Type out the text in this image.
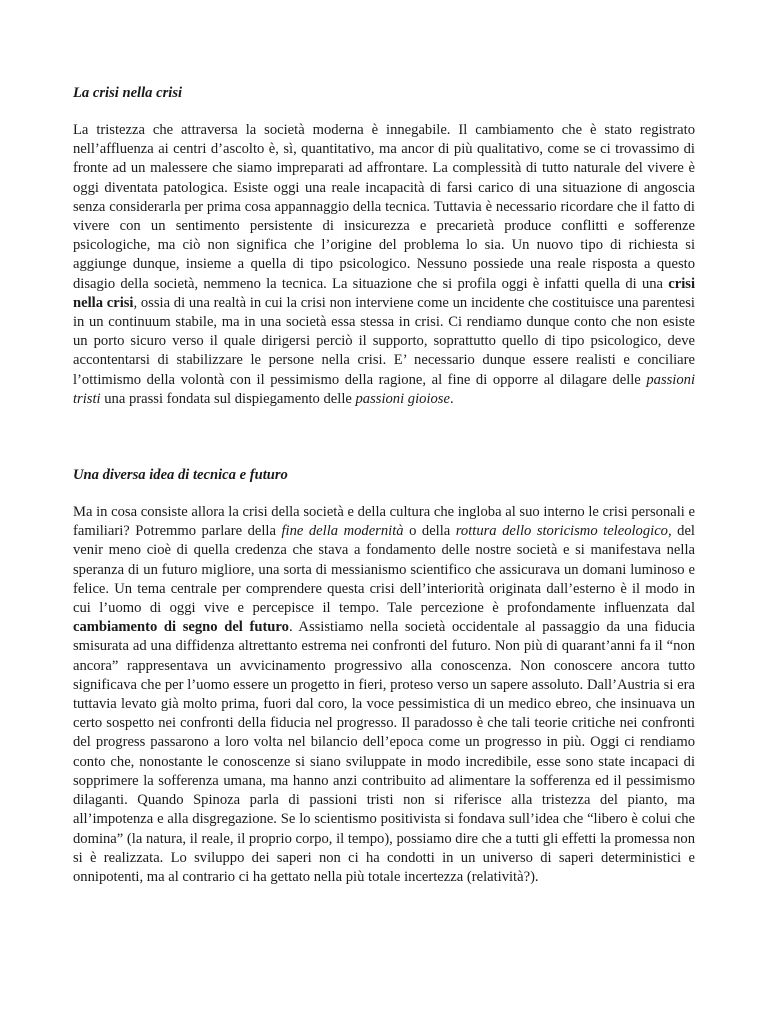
La crisi nella crisi

La tristezza che attraversa la società moderna è innegabile. Il cambiamento che è stato registrato nell’affluenza ai centri d’ascolto è, sì, quantitativo, ma ancor di più qualitativo, come se ci trovassimo di fronte ad un malessere che siamo impreparati ad affrontare. La complessità di tutto naturale del vivere è oggi diventata patologica. Esiste oggi una reale incapacità di farsi carico di una situazione di angoscia senza considerarla per prima cosa appannaggio della tecnica. Tuttavia è necessario ricordare che il fatto di vivere con un sentimento persistente di insicurezza e precarietà produce conflitti e sofferenze psicologiche, ma ciò non significa che l’origine del problema lo sia. Un nuovo tipo di richiesta si aggiunge dunque, insieme a quella di tipo psicologico. Nessuno possiede una reale risposta a questo disagio della società, nemmeno la tecnica. La situazione che si profila oggi è infatti quella di una crisi nella crisi, ossia di una realtà in cui la crisi non interviene come un incidente che costituisce una parentesi in un continuum stabile, ma in una società essa stessa in crisi. Ci rendiamo dunque conto che non esiste un porto sicuro verso il quale dirigersi perciò il supporto, soprattutto quello di tipo psicologico, deve accontentarsi di stabilizzare le persone nella crisi. E’ necessario dunque essere realisti e conciliare l’ottimismo della volontà con il pessimismo della ragione, al fine di opporre al dilagare delle passioni tristi una prassi fondata sul dispiegamento delle passioni gioiose.

Una diversa idea di tecnica e futuro

Ma in cosa consiste allora la crisi della società e della cultura che ingloba al suo interno le crisi personali e familiari? Potremmo parlare della fine della modernità o della rottura dello storicismo teleologico, del venir meno cioè di quella credenza che stava a fondamento delle nostre società e si manifestava nella speranza di un futuro migliore, una sorta di messianismo scientifico che assicurava un domani luminoso e felice. Un tema centrale per comprendere questa crisi dell’interiorità originata dall’esterno è il modo in cui l’uomo di oggi vive e percepisce il tempo. Tale percezione è profondamente influenzata dal cambiamento di segno del futuro. Assistiamo nella società occidentale al passaggio da una fiducia smisurata ad una diffidenza altrettanto estrema nei confronti del futuro. Non più di quarant’anni fa il “non ancora” rappresentava un avvicinamento progressivo alla conoscenza. Non conoscere ancora tutto significava che per l’uomo essere un progetto in fieri, proteso verso un sapere assoluto. Dall’Austria si era tuttavia levato già molto prima, fuori dal coro, la voce pessimistica di un medico ebreo, che insinuava un certo sospetto nei confronti della fiducia nel progresso. Il paradosso è che tali teorie critiche nei confronti del progress passarono a loro volta nel bilancio dell’epoca come un progresso in più. Oggi ci rendiamo conto che, nonostante le conoscenze si siano sviluppate in modo incredibile, esse sono state incapaci di sopprimere la sofferenza umana, ma hanno anzi contribuito ad alimentare la sofferenza ed il pessimismo dilaganti. Quando Spinoza parla di passioni tristi non si riferisce alla tristezza del pianto, ma all’impotenza e alla disgregazione. Se lo scientismo positivista si fondava sull’idea che “libero è colui che domina” (la natura, il reale, il proprio corpo, il tempo), possiamo dire che a tutti gli effetti la promessa non si è realizzata. Lo sviluppo dei saperi non ci ha condotti in un universo di saperi deterministici e onnipotenti, ma al contrario ci ha gettato nella più totale incertezza (relatività?).
